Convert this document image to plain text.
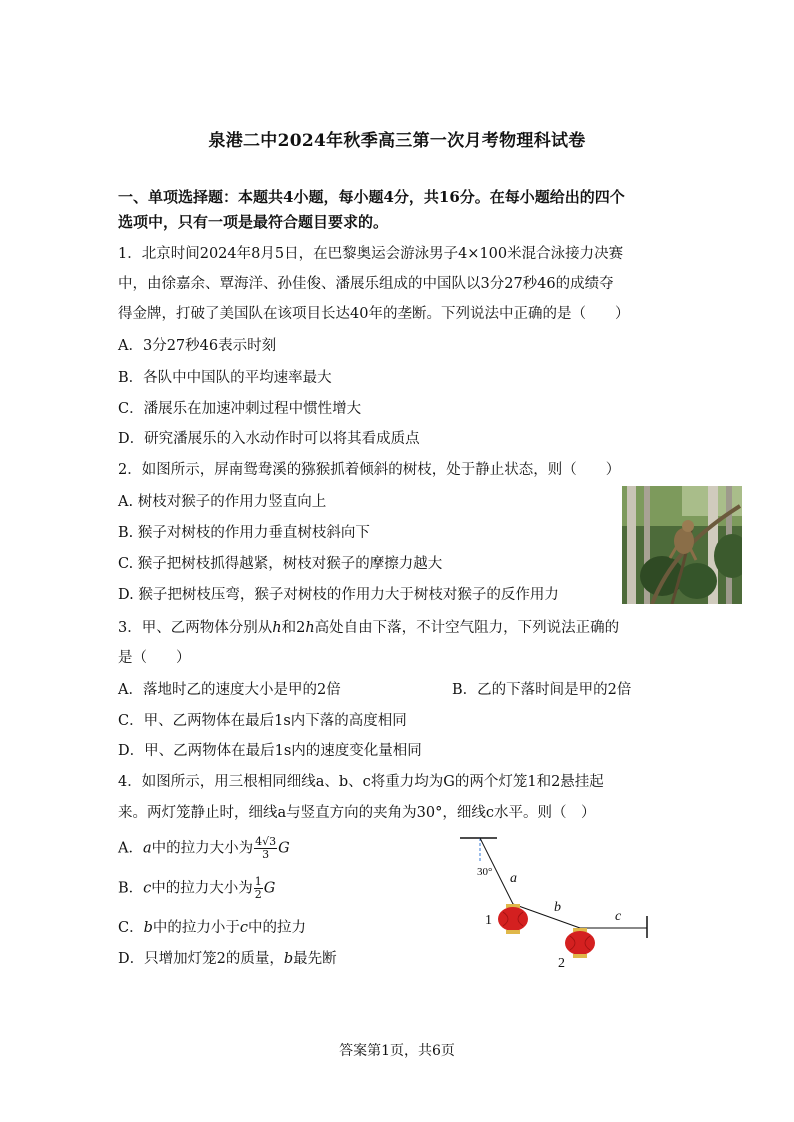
泉港二中2024年秋季高三第一次月考物理科试卷
一、单项选择题：本题共4小题，每小题4分，共16分。在每小题给出的四个
选项中，只有一项是最符合题目要求的。
1．北京时间2024年8月5日，在巴黎奥运会游泳男子4×100米混合泳接力决赛
中，由徐嘉余、覃海洋、孙佳俊、潘展乐组成的中国队以3分27秒46的成绩夺
得金牌，打破了美国队在该项目长达40年的垄断。下列说法中正确的是（　　）
A．3分27秒46表示时刻
B．各队中中国队的平均速率最大
C．潘展乐在加速冲刺过程中惯性增大
D．研究潘展乐的入水动作时可以将其看成质点
2．如图所示，屏南鸳鸯溪的猕猴抓着倾斜的树枝，处于静止状态，则（　　）
A. 树枝对猴子的作用力竖直向上
B. 猴子对树枝的作用力垂直树枝斜向下
C. 猴子把树枝抓得越紧，树枝对猴子的摩擦力越大
D. 猴子把树枝压弯，猴子对树枝的作用力大于树枝对猴子的反作用力
3．甲、乙两物体分别从h和2h高处自由下落，不计空气阻力，下列说法正确的
是（　　）
A．落地时乙的速度大小是甲的2倍	B．乙的下落时间是甲的2倍
C．甲、乙两物体在最后1s内下落的高度相同
D．甲、乙两物体在最后1s内的速度变化量相同
4．如图所示，用三根相同细线a、b、c将重力均为G的两个灯笼1和2悬挂起
来。两灯笼静止时，细线a与竖直方向的夹角为30°，细线c水平。则（　）
A．a中的拉力大小为 $\frac{4√3}{3}$ G
B．c中的拉力大小为 $\frac{1}{2}$ G
C．b中的拉力小于c中的拉力
D．只增加灯笼2的质量，b最先断
30° a
b
c
1
2
答案第1页，共6页
